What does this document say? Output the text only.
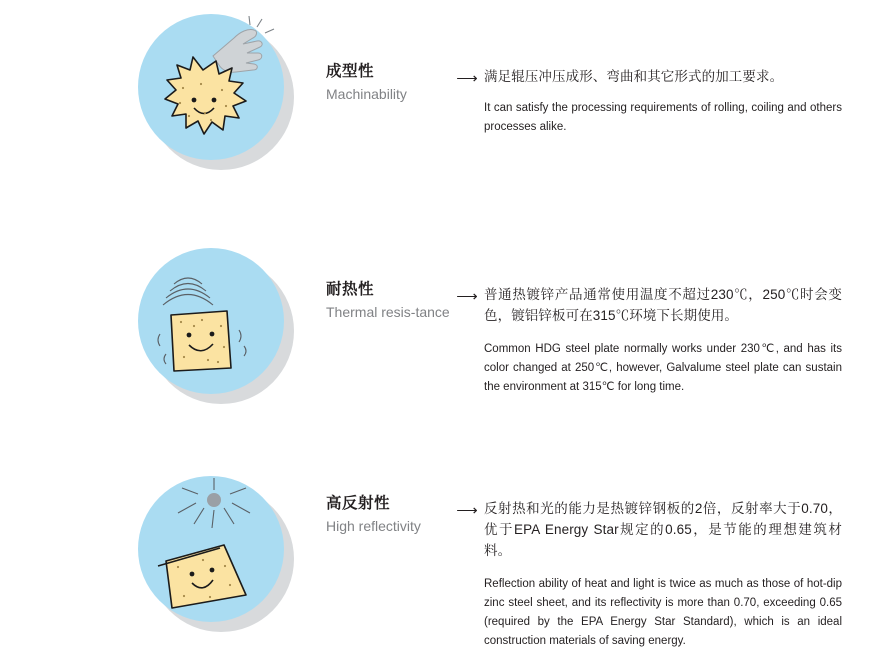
成型性
Machinability
⟶ 满足辊压冲压成形、弯曲和其它形式的加工要求。
It can satisfy the processing requirements of rolling, coiling and others processes alike.
耐热性
Thermal resis-tance
⟶ 普通热镀锌产品通常使用温度不超过230℃，250℃时会变色，镀铝锌板可在315℃环境下长期使用。
Common HDG steel plate normally works under 230℃, and has its color changed at 250℃, however, Galvalume steel plate can sustain the environment at 315℃ for long time.
高反射性
High reflectivity
⟶ 反射热和光的能力是热镀锌钢板的2倍，反射率大于0.70，优于EPA Energy Star规定的0.65，是节能的理想建筑材料。
Reflection ability of heat and light is twice as much as those of hot-dip zinc steel sheet, and its reflectivity is more than 0.70, exceeding 0.65 (required by the EPA Energy Star Standard), which is an ideal construction materials of saving energy.
